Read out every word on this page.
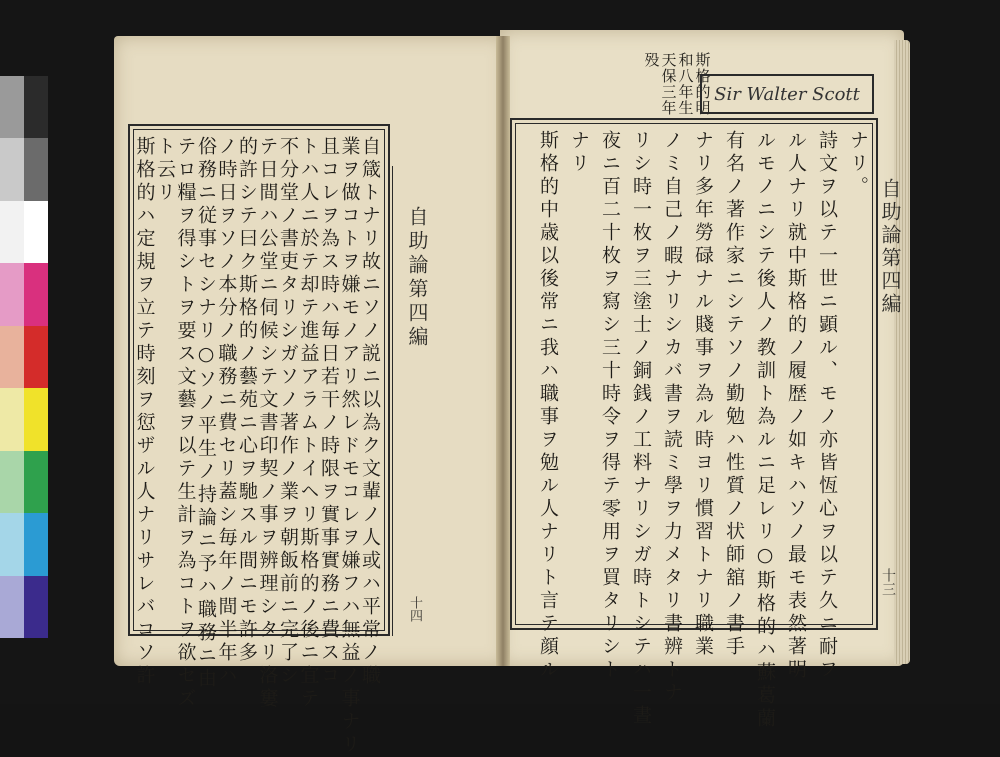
自箴トナリ故ニソノ説ニ以為ク文輩ノ人或ハ平常ノ職
業ヲ做コトヲ嫌モノアリ然レドモコレヲ嫌フハ無益ノ事ナリ
且コレヲ為ス時ハ毎日若干ノ時限ヲ實事實務ニ費スコ
トハ人ニ於テ却テ進益アラムトイヘリ斯格的ノ後ニ宜テ
不分堂ノ書吏タリシガソノ著作ノ業ヲ朝飯前ニ完了シ
テ日間ハ公堂ニ伺候シテ文書印契ノ事ヲ辨理シタリ洛窶
的許シテ曰ク斯格的ノ藝苑ニ心ヲ馳スル間ニモ許多
ノ時日ヲソノ本分ノ職務ニ費セリ蓋シ毎年ノ間半年ハ
俗務ニ従事セシナリ○ソノ平生ノ持論ニ予ハ職務ニ由
テロ糧ヲ得シトヲ要ス文藝ヲ以テ生計ヲ為コトヲ欲セズ
ト云リ
斯格的ハ定規ヲ立テ時刻ヲ愆ザル人ナリサレバコソ許	自助論第四編
十四
斯格的明
和八年生
天保三年
殁
Sir Walter Scott
ナリ。
詩文ヲ以テ一世ニ顕ル、モノ亦皆恆心ヲ以テ久ニ耐フ
ル人ナリ就中斯格的ノ履歴ノ如キハソノ最モ表然著明
ルモノニシテ後人ノ教訓ト為ルニ足レリ○斯格的ハ蘇葛蘭
有名ノ著作家ニシテソノ勤勉ハ性質ノ状師舘ノ書手
ナリ多年勞碌ナル賤事ヲ為ル時ヨリ慣習トナリ職業
ノミ自己ノ暇ナリシカバ書ヲ読ミ學ヲ力メタリ書辨トナ
リシ時一枚ヲ三塗士ノ銅銭ノ工料ナリシガ時トシテハ一晝
夜ニ百二十枚ヲ寫シ三十時令ヲ得テ零用ヲ買タリシト
ナリ
斯格的中歳以後常ニ我ハ職事ヲ勉ル人ナリト言テ顔ル	自助論第四編
十三
